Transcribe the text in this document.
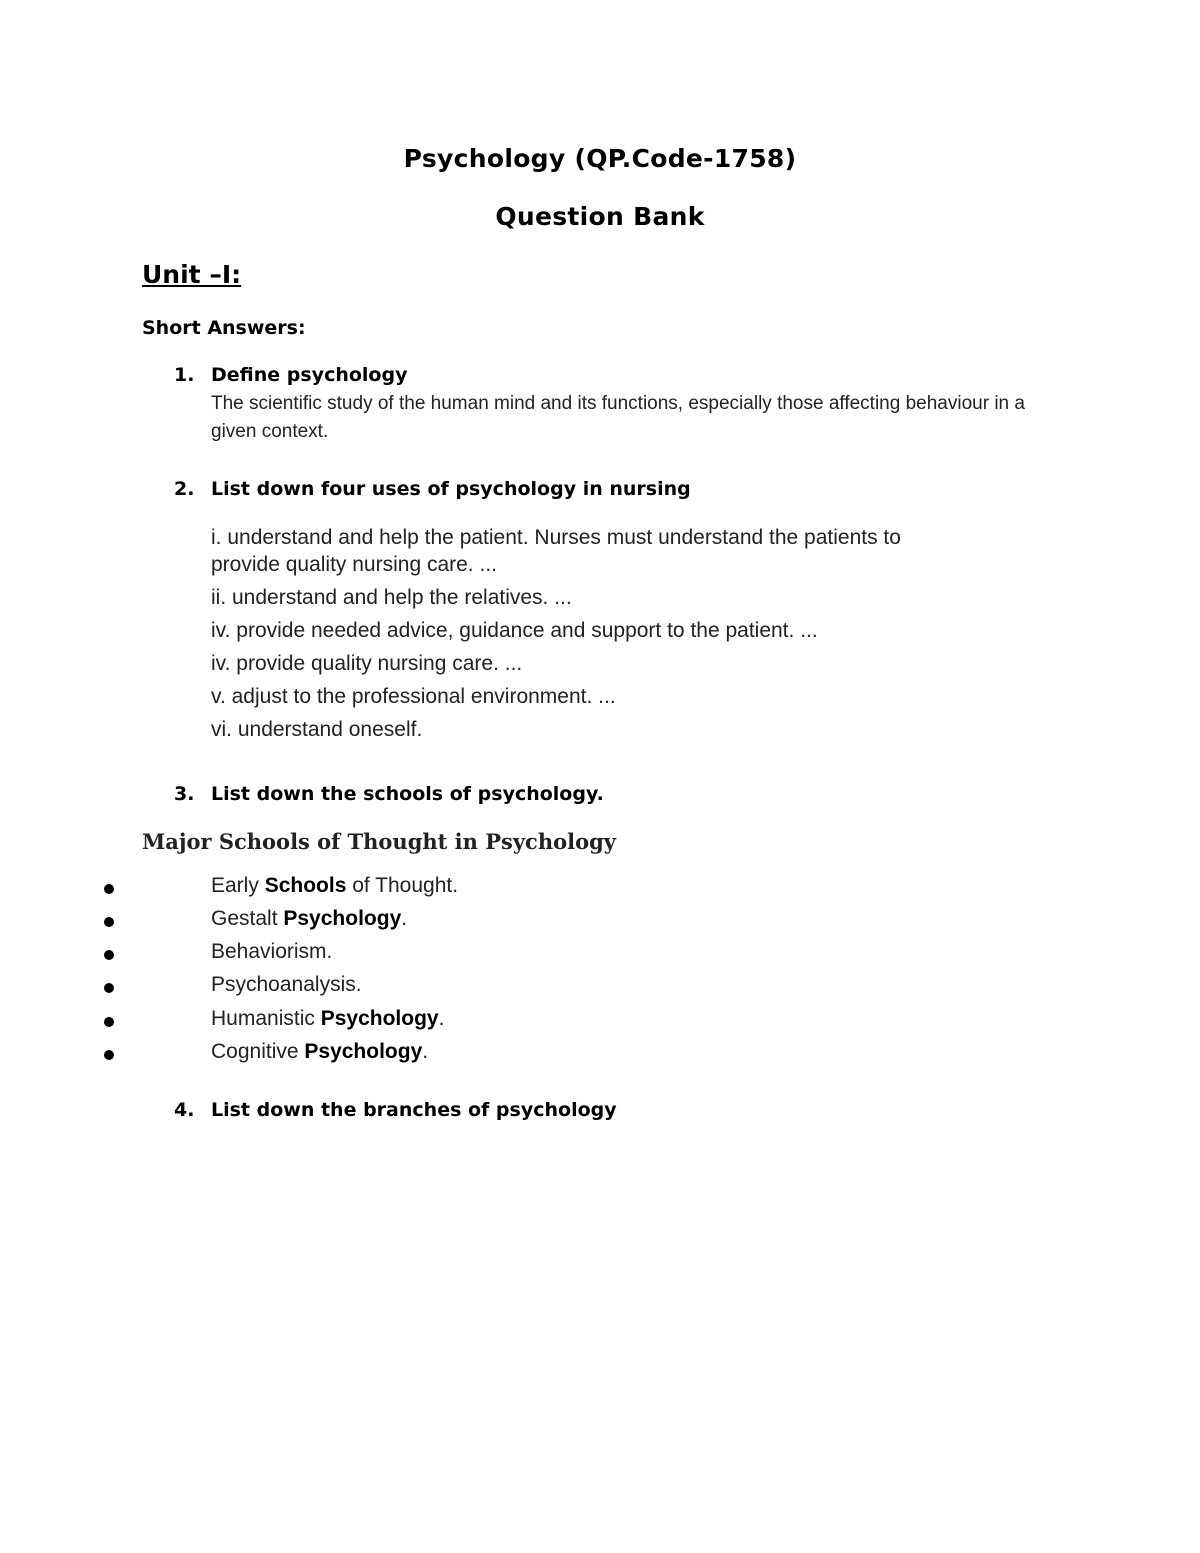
Psychology (QP.Code-1758)
Question Bank
Unit –I:
Short Answers:
1. Define psychology
The scientific study of the human mind and its functions, especially those affecting behaviour in a given context.
2. List down four uses of psychology in nursing
i. understand and help the patient. Nurses must understand the patients to
provide quality nursing care. ...
ii. understand and help the relatives. ...
iv. provide needed advice, guidance and support to the patient. ...
iv. provide quality nursing care. ...
v. adjust to the professional environment. ...
vi. understand oneself.
3. List down the schools of psychology.
Major Schools of Thought in Psychology
Early Schools of Thought.
Gestalt Psychology.
Behaviorism.
Psychoanalysis.
Humanistic Psychology.
Cognitive Psychology.
4. List down the branches of psychology
